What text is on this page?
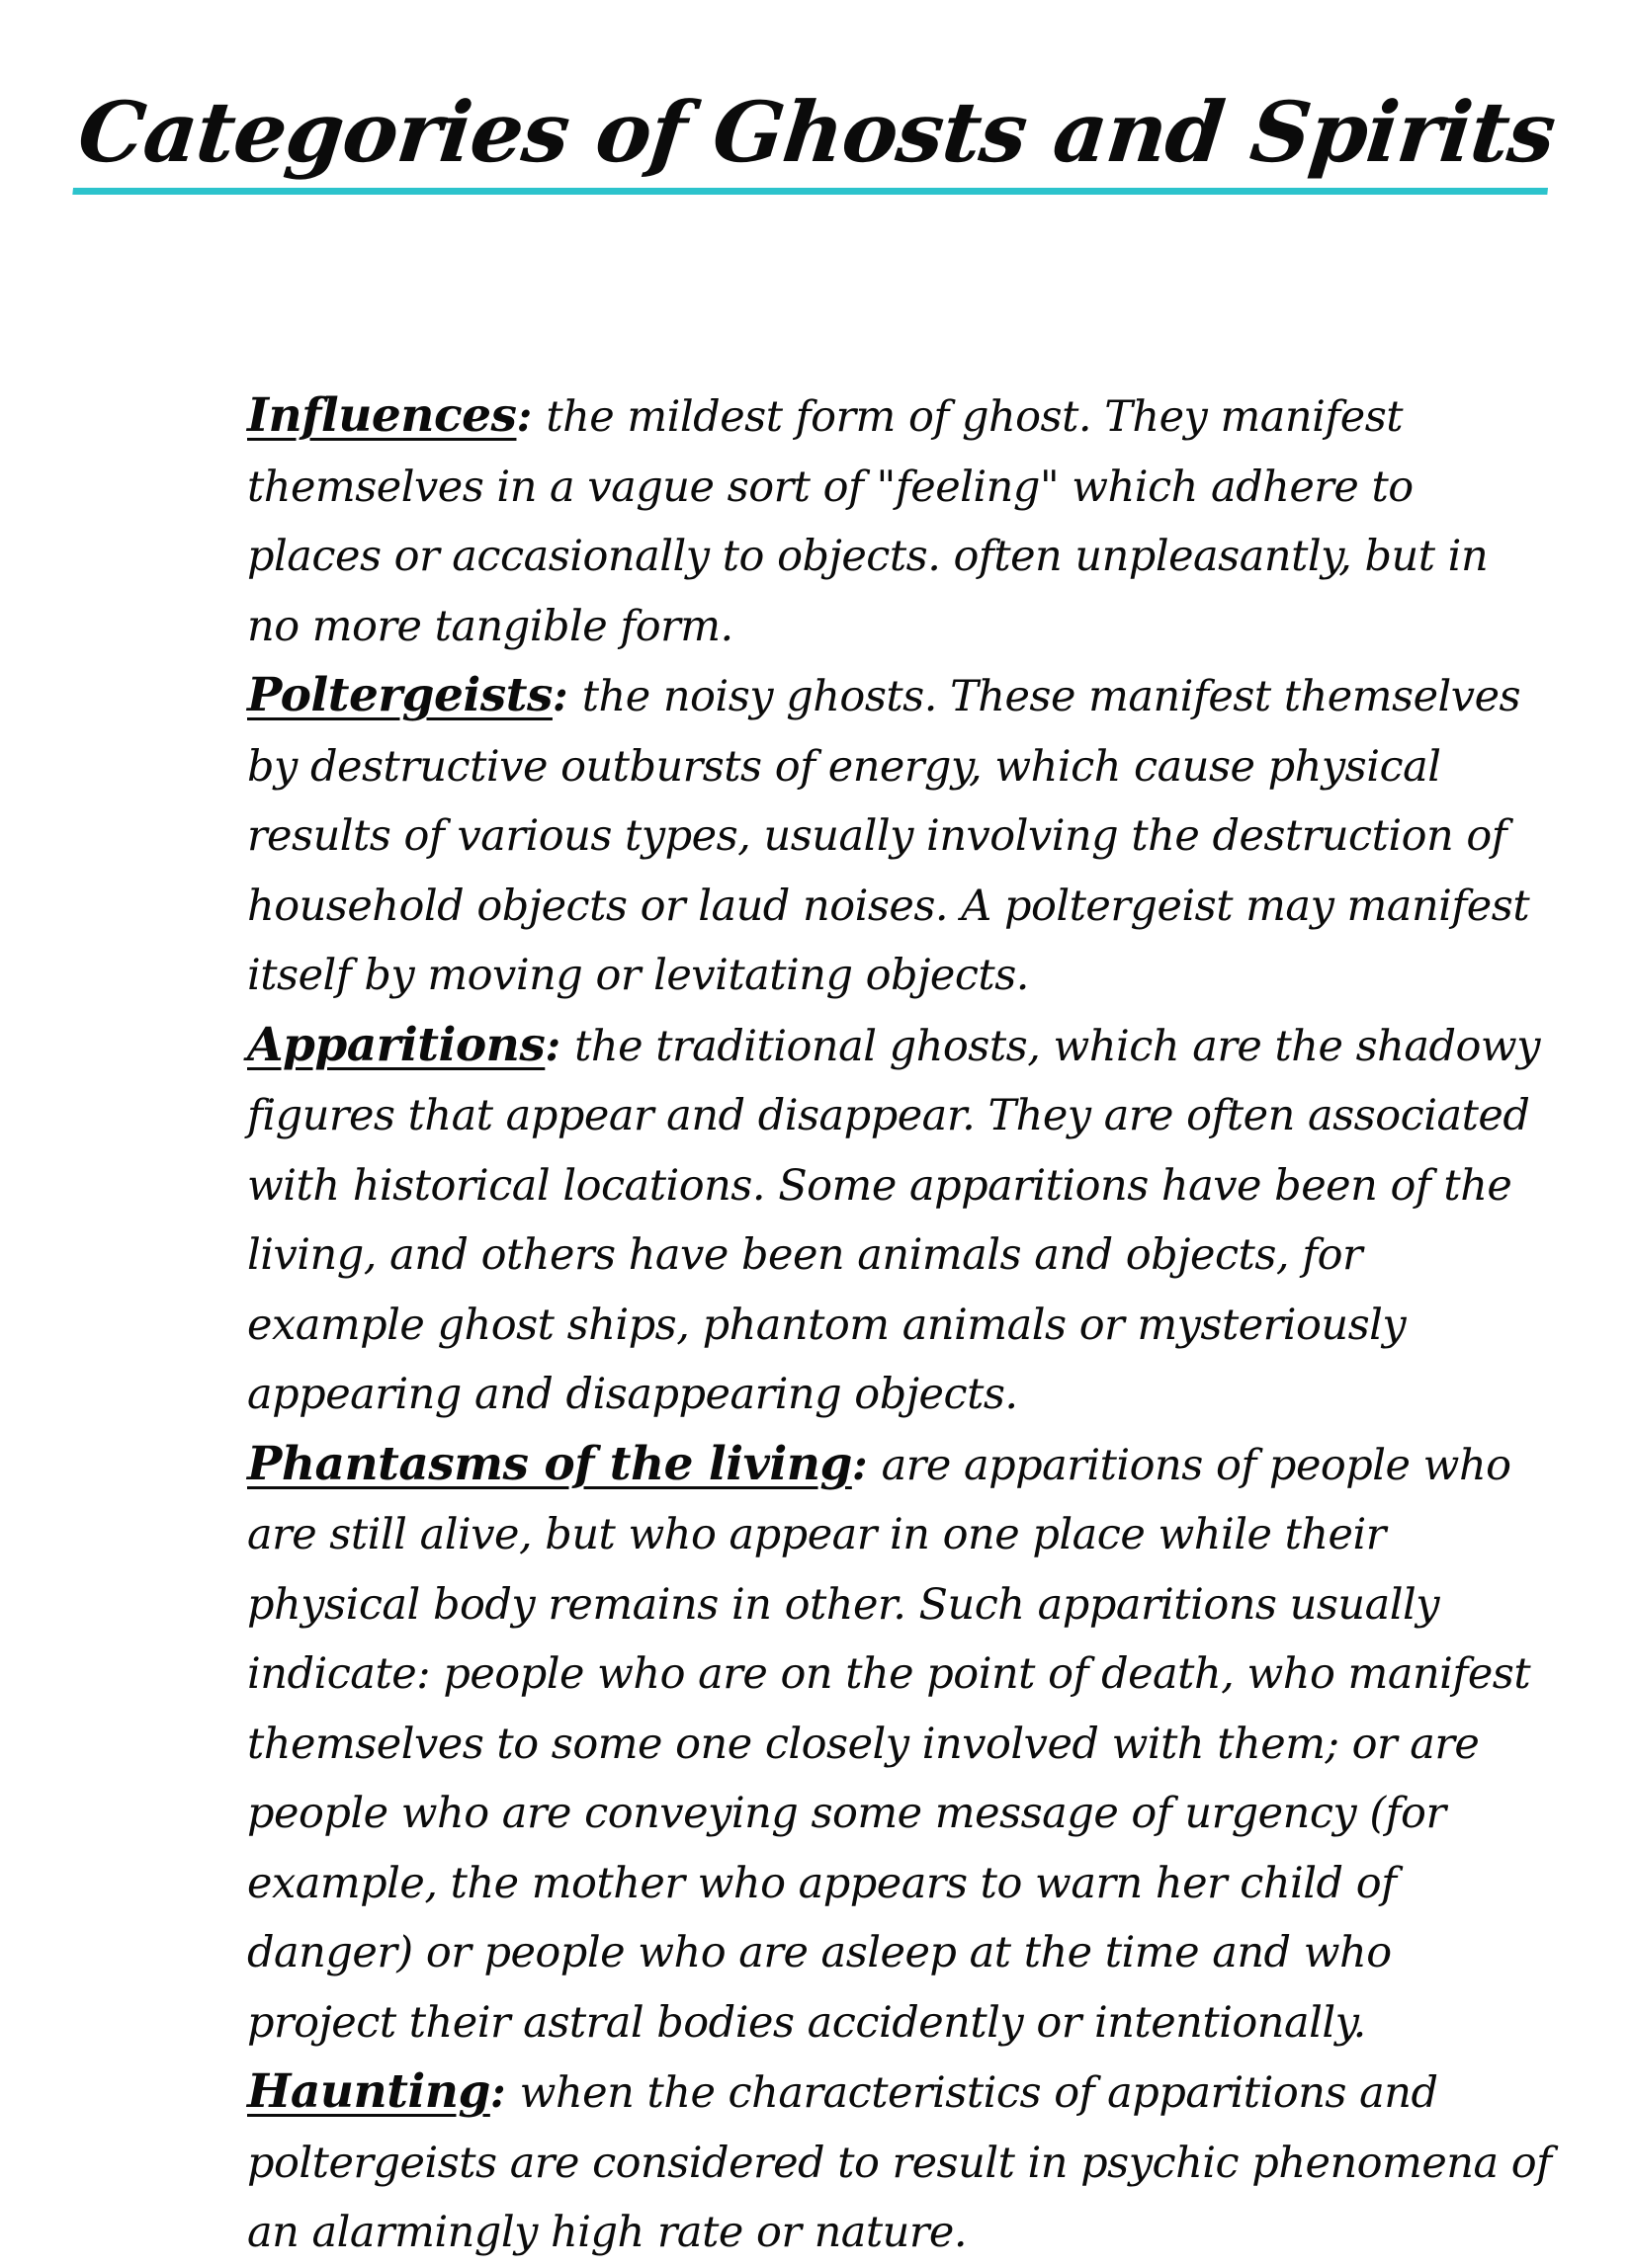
Categories of Ghosts and Spirits

Influences: the mildest form of ghost. They manifest themselves in a vague sort of "feeling" which adhere to places or accasionally to objects. often unpleasantly, but in no more tangible form.

Poltergeists: the noisy ghosts. These manifest themselves by destructive outbursts of energy, which cause physical results of various types, usually involving the destruction of household objects or laud noises. A poltergeist may manifest itself by moving or levitating objects.

Apparitions: the traditional ghosts, which are the shadowy figures that appear and disappear. They are often associated with historical locations. Some apparitions have been of the living, and others have been animals and objects, for example ghost ships, phantom animals or mysteriously appearing and disappearing objects.

Phantasms of the living: are apparitions of people who are still alive, but who appear in one place while their physical body remains in other. Such apparitions usually indicate: people who are on the point of death, who manifest themselves to some one closely involved with them; or are people who are conveying some message of urgency (for example, the mother who appears to warn her child of danger) or people who are asleep at the time and who project their astral bodies accidently or intentionally.

Haunting: when the characteristics of apparitions and poltergeists are considered to result in psychic phenomena of an alarmingly high rate or nature.
